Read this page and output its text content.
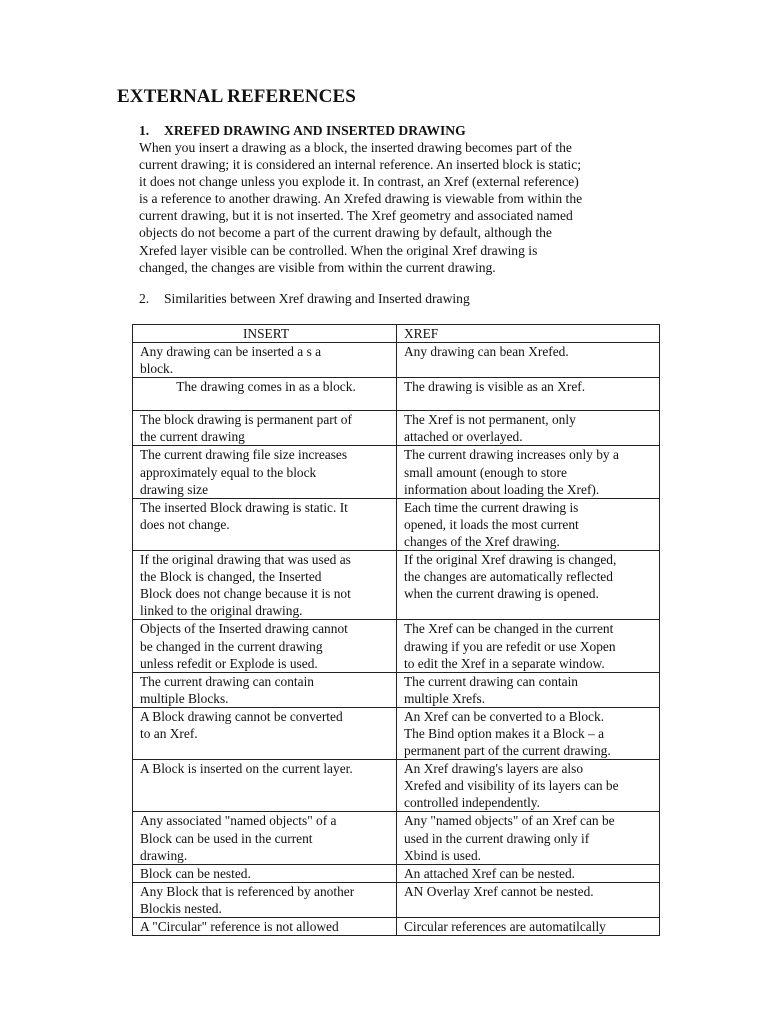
EXTERNAL REFERENCES
1. XREFED DRAWING AND INSERTED DRAWING
When you insert a drawing as a block, the inserted drawing becomes part of the
current drawing; it is considered an internal reference. An inserted block is static;
it does not change unless you explode it. In contrast, an Xref (external reference)
is a reference to another drawing. An Xrefed drawing is viewable from within the
current drawing, but it is not inserted. The Xref geometry and associated named
objects do not become a part of the current drawing by default, although the
Xrefed layer visible can be controlled. When the original Xref drawing is
changed, the changes are visible from within the current drawing.
2. Similarities between Xref drawing and Inserted drawing
INSERT	XREF

Any drawing can be inserted a s a
block.	Any drawing can bean Xrefed.

The drawing comes in as a block.	The drawing is visible as an Xref.

The block drawing is permanent part of
the current drawing	The Xref is not permanent, only
attached or overlayed.

The current drawing file size increases
approximately equal to the block
drawing size	The current drawing increases only by a
small amount (enough to store
information about loading the Xref).

The inserted Block drawing is static. It
does not change.	Each time the current drawing is
opened, it loads the most current
changes of the Xref drawing.

If the original drawing that was used as
the Block is changed, the Inserted
Block does not change because it is not
linked to the original drawing.	If the original Xref drawing is changed,
the changes are automatically reflected
when the current drawing is opened.

Objects of the Inserted drawing cannot
be changed in the current drawing
unless refedit or Explode is used.	The Xref can be changed in the current
drawing if you are refedit or use Xopen
to edit the Xref in a separate window.

The current drawing can contain
multiple Blocks.	The current drawing can contain
multiple Xrefs.

A Block drawing cannot be converted
to an Xref.	An Xref can be converted to a Block.
The Bind option makes it a Block – a
permanent part of the current drawing.

A Block is inserted on the current layer.	An Xref drawing's layers are also
Xrefed and visibility of its layers can be
controlled independently.

Any associated "named objects" of a
Block can be used in the current
drawing.	Any "named objects" of an Xref can be
used in the current drawing only if
Xbind is used.

Block can be nested.	An attached Xref can be nested.

Any Block that is referenced by another
Blockis nested.	AN Overlay Xref cannot be nested.

A "Circular" reference is not allowed	Circular references are automatilcally
